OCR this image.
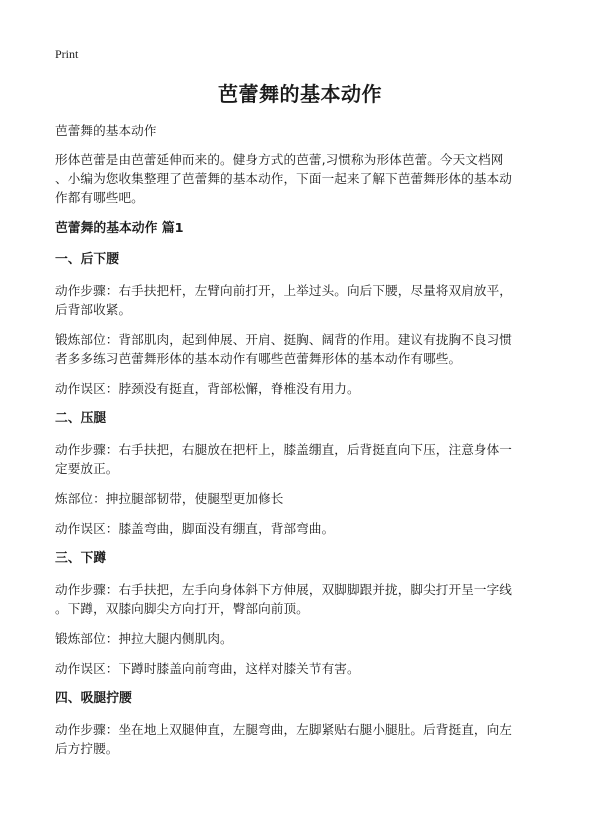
Print
芭蕾舞的基本动作

芭蕾舞的基本动作

形体芭蕾是由芭蕾延伸而来的。健身方式的芭蕾,习惯称为形体芭蕾。今天文档网

、小编为您收集整理了芭蕾舞的基本动作，下面一起来了解下芭蕾舞形体的基本动

作都有哪些吧。

芭蕾舞的基本动作 篇1

一、后下腰

动作步骤：右手扶把杆，左臂向前打开，上举过头。向后下腰，尽量将双肩放平，

后背部收紧。

锻炼部位：背部肌肉，起到伸展、开肩、挺胸、阔背的作用。建议有拢胸不良习惯

者多多练习芭蕾舞形体的基本动作有哪些芭蕾舞形体的基本动作有哪些。

动作误区：脖颈没有挺直，背部松懈，脊椎没有用力。

二、压腿

动作步骤：右手扶把，右腿放在把杆上，膝盖绷直，后背挺直向下压，注意身体一

定要放正。

炼部位：抻拉腿部韧带，使腿型更加修长

动作误区：膝盖弯曲，脚面没有绷直，背部弯曲。

三、下蹲

动作步骤：右手扶把，左手向身体斜下方伸展，双脚脚跟并拢，脚尖打开呈一字线

。下蹲，双膝向脚尖方向打开，臀部向前顶。

锻炼部位：抻拉大腿内侧肌肉。

动作误区：下蹲时膝盖向前弯曲，这样对膝关节有害。

四、吸腿拧腰

动作步骤：坐在地上双腿伸直，左腿弯曲，左脚紧贴右腿小腿肚。后背挺直，向左

后方拧腰。
